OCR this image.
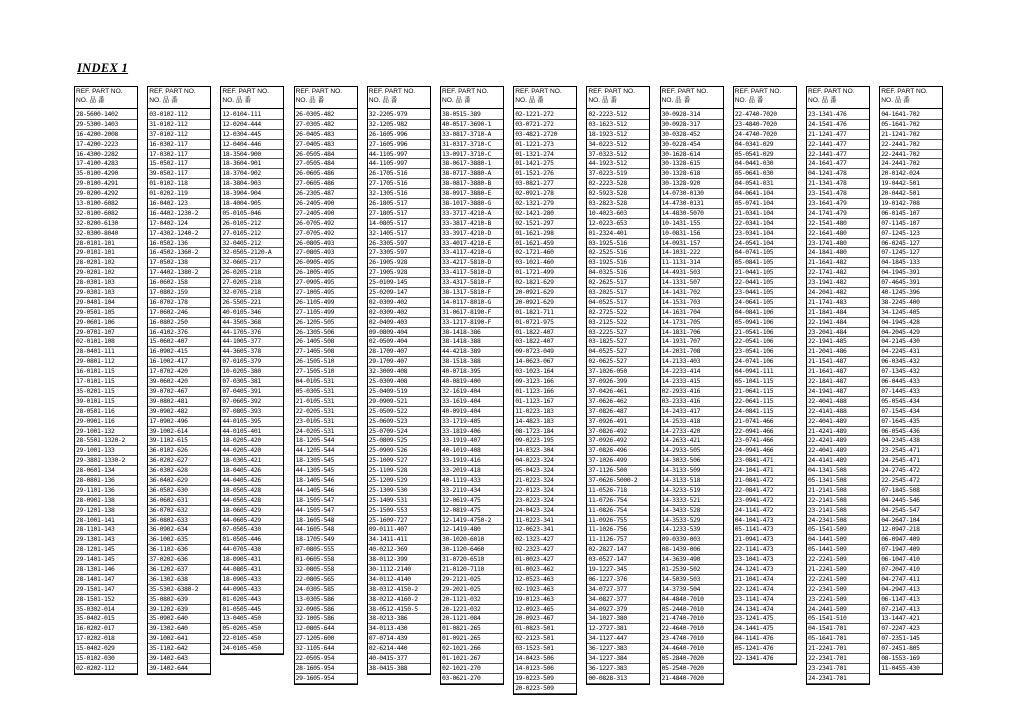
INDEX 1
REF. PART NO.
NO. 品 番
28-5600-1402
29-5300-1403
16-4200-2008
17-4200-2223
16-4300-2282
17-4100-4283
35-0100-4290
29-0100-4291
29-0200-4292
13-0100-6082
32-0100-6082
32-0200-6130
32-0300-8040
28-0101-101
29-0101-101
28-0201-102
29-0201-102
28-0301-103
29-0301-103
29-0401-104
29-0501-105
29-0601-106
29-0701-107
02-0101-108
28-0401-111
29-0801-112
16-0101-115
17-0101-115
35-0201-115
39-0101-115
28-0501-116
29-0901-116
29-1001-132
28-5501-1320-2
29-1001-133
29-3801-1330-2
28-0601-134
28-0801-136
29-1101-136
28-0901-138
29-1201-138
28-1001-141
28-1101-143
29-1301-143
28-1201-145
29-1401-145
28-1301-146
28-1401-147
29-1501-147
28-1501-152
35-0302-014
35-0402-015
16-0202-017
17-0202-018
15-0402-029
15-0102-030
02-0202-112
REF. PART NO.
NO. 品 番
03-0102-112
31-0102-112
37-0102-112
16-0302-117
17-0302-117
15-0502-117
39-0502-117
01-0102-118
01-0202-119
16-0402-123
16-4402-1230-2
17-0402-124
17-4302-1240-2
16-0502-136
16-4502-1360-2
17-0502-138
17-4402-1380-2
16-0602-158
17-0802-159
16-0702-178
17-0602-246
16-0802-250
16-4102-376
15-0602-407
16-0902-415
16-1002-417
17-0702-420
39-0602-420
39-0702-467
39-0802-481
39-0902-482
17-0902-496
39-1002-614
39-1102-615
36-0102-626
36-0202-627
36-0302-628
36-0402-629
36-0502-630
36-0602-631
36-0702-632
36-0802-633
36-0902-634
36-1002-635
36-1102-636
37-0202-636
36-1202-637
36-1302-638
35-5302-6380-2
35-0802-639
39-1202-639
35-0902-640
39-1302-640
39-1002-641
35-1102-642
39-1402-643
39-1402-644
REF. PART NO.
NO. 品 番
12-0104-111
12-0204-444
12-0304-445
12-0404-446
18-3504-900
18-3604-901
18-3704-902
18-3804-903
18-3904-904
18-4004-905
05-0105-046
26-0105-212
27-0105-212
32-0405-212
32-0505-2120-A
32-0605-217
26-0205-218
27-0205-218
32-0705-218
26-5505-221
40-0105-346
44-3505-368
44-1705-376
44-1005-377
44-3605-378
07-0105-379
10-0205-380
07-0305-381
07-0405-391
07-0605-392
07-0805-393
44-0105-395
44-0105-401
18-0205-420
44-0205-420
18-0305-421
18-0405-426
44-0405-426
18-0505-428
44-0505-428
18-0605-429
44-0605-429
07-0505-430
01-0505-446
44-0705-430
18-0905-431
44-0805-431
18-0905-433
44-0905-433
01-0205-443
01-0505-445
13-0405-450
05-0205-450
22-0105-450
24-0105-450
REF. PART NO.
NO. 品 番
26-0305-482
27-0305-482
26-0405-483
27-0405-483
26-0505-484
27-0505-484
26-0605-486
27-0605-486
26-2305-487
26-2405-490
27-2405-490
26-0705-492
27-0705-492
26-0805-493
27-0805-493
26-0905-495
26-1005-495
27-0905-495
27-1005-495
26-1105-499
27-1105-499
26-1205-505
26-1305-506
26-1405-508
27-1405-508
26-1505-510
27-1505-510
04-0105-531
05-0305-531
21-0105-531
22-0205-531
23-0105-531
24-0205-531
18-1205-544
44-1205-544
18-1305-545
44-1305-545
18-1405-546
44-1405-546
18-1505-547
44-1505-547
18-1605-548
44-1605-548
18-1705-549
07-0805-555
01-0605-558
32-0805-558
22-0805-565
24-0305-585
13-0305-586
32-0905-586
32-1005-586
12-0805-644
27-1205-600
32-1105-644
22-0505-954
28-1605-954
29-1605-954
REF. PART NO.
NO. 品 番
32-2205-979
32-1205-982
26-1605-996
27-1605-996
44-1105-997
44-1105-997
26-1705-516
27-1705-516
32-1305-516
26-1805-517
27-1805-517
14-0805-517
32-1405-517
26-3305-597
27-3305-597
26-1905-928
27-1905-928
25-0109-145
25-0209-147
02-0309-402
02-0309-402
02-0409-403
09-0809-404
02-0509-404
28-1709-407
29-1709-407
32-3009-408
25-0309-408
25-0409-519
29-0909-521
25-0509-522
25-0609-523
25-0709-524
25-0809-525
25-0909-526
25-1009-527
25-1109-528
25-1209-529
25-1309-530
25-1409-531
25-1509-553
25-1609-727
09-0111-407
34-1411-411
40-0212-369
38-0112-399
30-1112-2140
34-0112-4140
38-0312-4150-2
38-0212-4160-2
38-0512-4150-5
38-0213-386
34-0113-430
07-0714-439
02-6214-440
40-0415-377
38-0415-388
REF. PART NO.
NO. 品 番
38-0515-389
40-0517-3690-1
33-0817-3710-A
31-0317-3710-C
13-0917-3710-C
38-0617-3880-1
38-0717-3880-A
38-0817-3880-B
38-0917-3880-E
38-1017-3880-G
33-3717-4210-A
33-3817-4210-B
33-3917-4210-D
33-4017-4210-E
33-4117-4210-G
33-4217-5810-D
33-4117-5810-D
33-4317-5810-F
38-1317-5810-F
14-0117-8010-G
31-0617-8190-F
33-1217-8190-F
38-1418-386
38-1418-388
44-4218-389
38-1518-388
40-0718-395
40-0819-400
32-1619-404
33-1619-404
40-0919-404
33-1719-405
33-1819-406
33-1919-407
40-1019-408
33-1919-416
33-2019-418
40-1119-433
33-2119-434
12-0619-475
12-0819-475
12-1419-4750-2
12-1419-480
30-1020-6010
30-1120-6460
31-0720-6510
21-0120-7110
29-2121-025
29-2021-025
20-1121-032
20-1221-032
20-1121-084
01-0821-265
01-0921-265
02-1021-266
01-1021-267
02-1021-270
03-0621-270
REF. PART NO.
NO. 品 番
02-1221-272
03-0721-272
03-4821-2720
01-1221-273
01-1321-274
01-1421-275
01-1521-276
03-0821-277
02-0921-278
02-1321-279
02-1421-280
02-1521-297
01-1621-298
01-1621-459
02-1721-460
03-1021-460
01-1721-499
02-1821-629
20-0921-629
20-0921-629
01-1821-711
01-0721-975
01-1822-407
03-1822-407
09-0723-049
14-0623-067
03-1023-164
09-3123-166
01-1123-166
01-1123-167
11-0223-183
14-4823-183
08-1723-184
09-0223-195
14-0323-304
04-0223-324
05-0423-324
21-0223-324
22-0123-324
23-0223-324
24-0423-324
11-0223-341
12-0623-341
02-1323-427
02-2323-427
01-0023-427
01-0023-462
12-0523-463
02-1923-463
19-0123-463
12-0923-465
20-0923-467
01-0823-501
02-2123-501
03-1523-501
14-0423-506
14-0123-506
19-0223-509
20-0223-509
REF. PART NO.
NO. 品 番
02-2223-512
03-1623-512
18-1923-512
34-0223-512
37-0323-512
44-1923-512
37-0223-519
02-2223-528
02-5923-528
03-2823-528
10-4023-603
12-0223-653
01-2324-401
03-1925-516
02-2525-516
03-1925-516
04-0325-516
02-2625-517
03-2025-517
04-0525-517
02-2725-522
03-2125-522
03-2225-527
03-1825-527
04-0525-527
02-0625-527
37-1026-050
37-0926-399
37-0426-461
37-0626-462
37-0826-487
37-0926-491
37-0826-492
37-0926-492
37-0826-496
37-1026-499
37-1126-500
37-0626-5000-2
11-0526-718
11-0726-754
11-0826-754
11-0926-755
11-1026-756
11-1126-757
02-2827-147
03-0527-147
19-1227-345
06-1227-376
34-0727-377
34-0827-377
34-0927-379
34-1027-380
12-2727-381
34-1127-447
36-1227-383
34-1227-384
36-1227-383
00-0828-313
REF. PART NO.
NO. 品 番
30-0928-314
30-0928-317
30-0328-452
30-0228-454
30-1628-614
30-1328-615
30-1328-618
30-1328-920
14-0730-0130
14-4730-0131
14-4830-5070
10-1431-155
10-0831-156
14-0931-157
14-1031-222
11-1131-314
14-4931-503
14-1331-507
14-1431-702
14-1531-703
14-1631-704
14-1731-705
14-1831-706
14-1931-707
14-2031-708
14-2133-403
14-2233-414
14-2333-415
02-2933-416
03-2333-416
14-2433-417
14-2533-418
14-2733-420
14-2633-421
14-2933-505
14-3033-506
14-3133-509
14-3133-518
14-3233-519
14-3333-521
14-3433-528
14-3533-529
14-1233-539
09-0339-003
08-1439-006
14-3639-490
01-2539-502
14-5039-503
14-3739-504
04-4840-7010
05-2440-7010
21-4740-7010
22-4640-7010
23-4740-7010
24-4640-7010
05-2840-7020
05-2540-7020
21-4840-7020
REF. PART NO.
NO. 品 番
22-4740-7020
23-4840-7020
24-4740-7020
04-0341-029
05-0541-029
04-0441-030
05-0641-030
04-0541-031
04-0641-104
05-0741-104
21-0341-104
22-0341-104
23-0341-104
24-0541-104
04-0741-105
05-0841-105
21-0441-105
22-0441-105
23-0441-105
24-0641-105
04-0841-106
05-0941-106
21-0541-106
22-0541-106
23-0541-106
24-0741-106
04-0941-111
05-1041-115
21-0641-115
22-0641-115
24-0841-115
21-0741-466
22-0941-466
23-0741-466
24-0941-466
23-0841-471
24-1041-471
21-0841-472
22-0841-472
23-0941-472
24-1141-472
04-1041-473
05-1141-473
21-0941-473
22-1141-473
23-1041-473
24-1241-473
21-1041-474
22-1241-474
23-1141-474
24-1341-474
23-1241-475
24-1441-475
04-1141-476
05-1241-476
22-1341-476
REF. PART NO.
NO. 品 番
23-1341-476
24-1541-476
21-1241-477
22-1441-477
22-1441-477
24-1641-477
04-1241-478
21-1341-478
23-1541-478
23-1641-479
24-1741-479
22-1541-480
22-1641-480
23-1741-480
24-1841-480
21-1641-482
22-1741-482
23-1941-482
24-2041-482
21-1741-483
21-1841-484
22-1941-484
23-2041-484
22-1941-485
21-2041-486
21-1541-487
21-1641-487
22-1841-487
24-1941-487
22-4041-488
22-4141-488
22-4041-489
21-4241-489
22-4241-489
22-4041-489
24-4141-489
04-1341-508
05-1341-508
21-2141-508
22-2141-508
23-2141-508
24-2341-508
05-1541-509
04-1441-509
05-1441-509
22-2241-509
21-2241-509
22-2241-509
22-2341-509
23-2241-509
24-2441-509
05-1541-510
04-1541-701
05-1641-701
21-2241-701
22-2341-701
23-2341-701
24-2341-701
REF. PART NO.
NO. 品 番
04-1641-702
05-1641-702
21-1241-702
22-2441-702
22-2441-702
24-2441-702
20-0142-024
19-0442-501
20-0442-501
19-0142-708
06-0145-107
07-1145-107
07-1245-123
06-0245-127
07-1245-127
04-1845-133
04-1945-391
07-4645-391
40-1245-396
38-2245-400
34-1245-405
04-1945-428
04-2045-429
04-2145-430
04-2245-431
06-0345-432
07-1345-432
06-0445-433
07-1445-433
05-0545-434
07-1545-434
07-1645-435
06-0545-436
04-2345-438
23-2545-471
24-2545-471
24-2745-472
22-2545-472
07-1845-508
04-2445-546
04-2545-547
04-2647-104
12-0947-218
06-0947-409
07-1947-409
06-1047-410
07-2047-410
04-2747-411
04-2947-413
06-1147-413
07-2147-413
13-1447-421
07-2247-423
07-2351-145
07-2451-805
08-1553-169
11-0455-430
